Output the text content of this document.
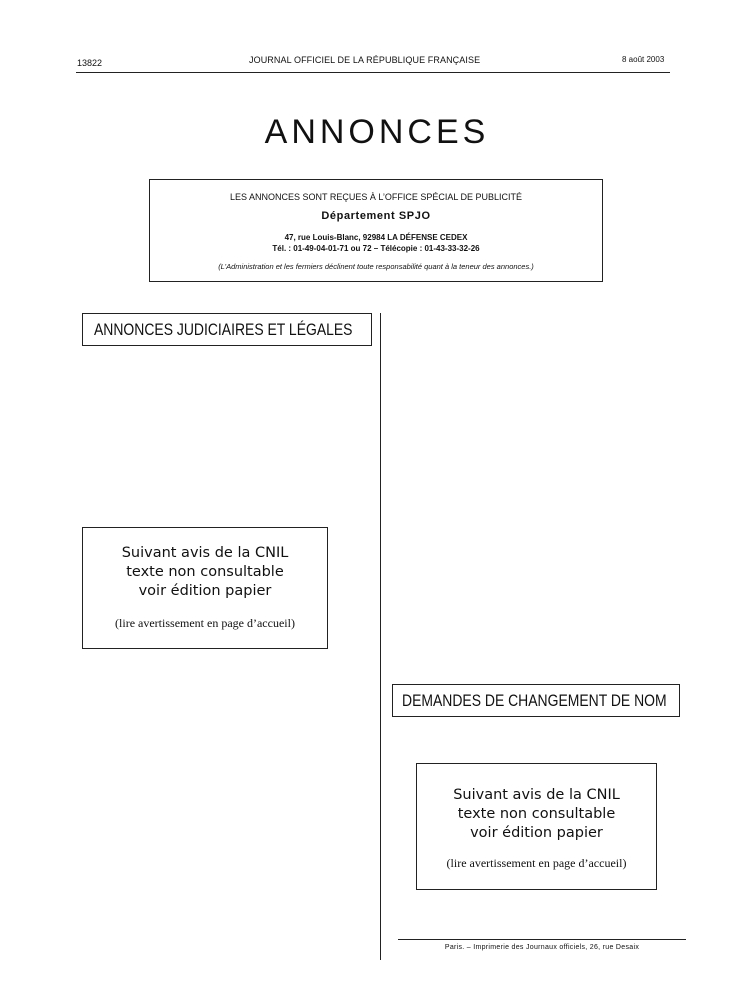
13822	JOURNAL OFFICIEL DE LA RÉPUBLIQUE FRANÇAISE	8 août 2003
ANNONCES
LES ANNONCES SONT REÇUES À L’OFFICE SPÉCIAL DE PUBLICITÉ
Département SPJO
47, rue Louis-Blanc, 92984 LA DÉFENSE CEDEX
Tél. : 01-49-04-01-71 ou 72 – Télécopie : 01-43-33-32-26
(L’Administration et les fermiers déclinent toute responsabilité quant à la teneur des annonces.)
ANNONCES JUDICIAIRES ET LÉGALES
Suivant avis de la CNIL
texte non consultable
voir édition papier
(lire avertissement en page d’accueil)
DEMANDES DE CHANGEMENT DE NOM
Suivant avis de la CNIL
texte non consultable
voir édition papier
(lire avertissement en page d’accueil)
Paris. – Imprimerie des Journaux officiels, 26, rue Desaix
